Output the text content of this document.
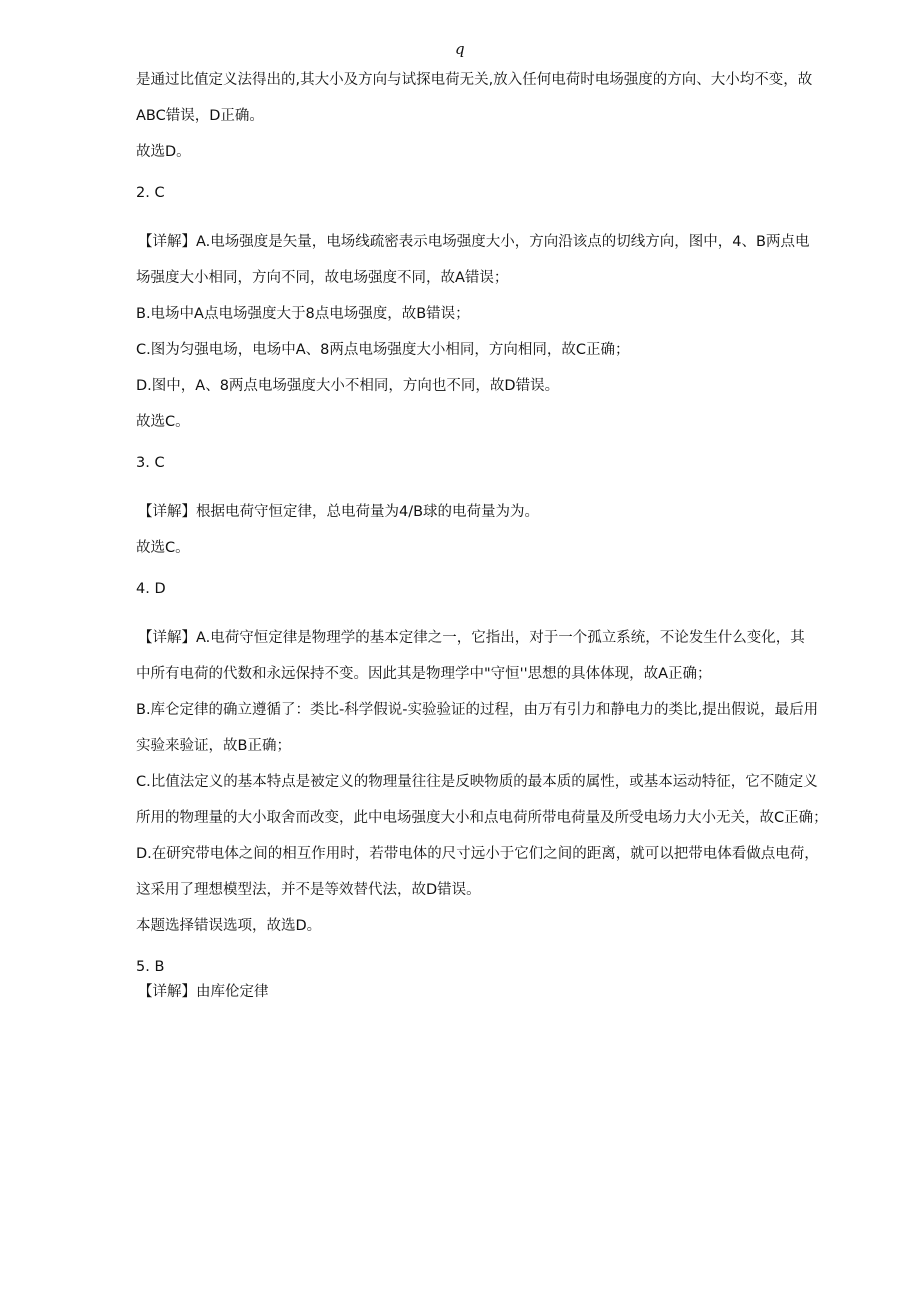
q
是通过比值定义法得出的,其大小及方向与试探电荷无关,放入任何电荷时电场强度的方向、大小均不变，故
ABC错误，D正确。
故选D。
2. C
【详解】A.电场强度是矢量，电场线疏密表示电场强度大小，方向沿该点的切线方向，图中，4、B两点电
场强度大小相同，方向不同，故电场强度不同，故A错误；
B.电场中A点电场强度大于8点电场强度，故B错误；
C.图为匀强电场，电场中A、8两点电场强度大小相同，方向相同，故C正确；
D.图中，A、8两点电场强度大小不相同，方向也不同，故D错误。
故选C。
3. C
【详解】根据电荷守恒定律，总电荷量为4/B球的电荷量为为。
故选C。
4. D
【详解】A.电荷守恒定律是物理学的基本定律之一，它指出，对于一个孤立系统，不论发生什么变化，其
中所有电荷的代数和永远保持不变。因此其是物理学中"守恒''思想的具体体现，故A正确；
B.库仑定律的确立遵循了：类比-科学假说-实验验证的过程，由万有引力和静电力的类比,提出假说，最后用
实验来验证，故B正确；
C.比值法定义的基本特点是被定义的物理量往往是反映物质的最本质的属性，或基本运动特征，它不随定义
所用的物理量的大小取舍而改变，此中电场强度大小和点电荷所带电荷量及所受电场力大小无关，故C正确；
D.在研究带电体之间的相互作用时，若带电体的尺寸远小于它们之间的距离，就可以把带电体看做点电荷，
这采用了理想模型法，并不是等效替代法，故D错误。
本题选择错误选项，故选D。
5. B
【详解】由库伦定律
